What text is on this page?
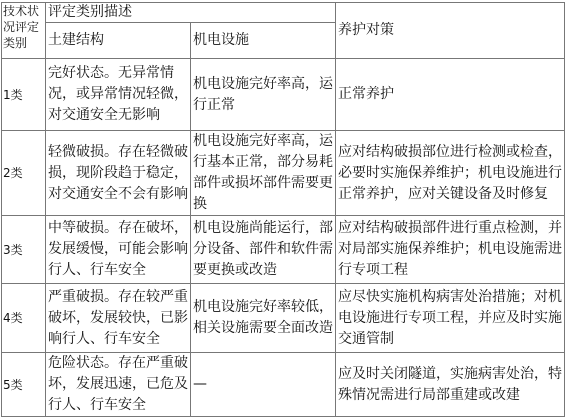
技术状况评定类别	评定类别描述		养护对策
	土建结构	机电设施	
1类	完好状态。无异常情况，或异常情况轻微，对交通安全无影响	机电设施完好率高，运行正常	正常养护
2类	轻微破损。存在轻微破损，现阶段趋于稳定，对交通安全不会有影响	机电设施完好率高，运行基本正常，部分易耗部件或损坏部件需要更换	应对结构破损部位进行检测或检查，必要时实施保养维护；机电设施进行正常养护，应对关键设备及时修复
3类	中等破损。存在破坏，发展缓慢，可能会影响行人、行车安全	机电设施尚能运行，部分设备、部件和软件需要更换或改造	应对结构破损部件进行重点检测，并对局部实施保养维护；机电设施需进行专项工程
4类	严重破损。存在较严重破坏，发展较快，已影响行人、行车安全	机电设施完好率较低，相关设施需要全面改造	应尽快实施机构病害处治措施；对机电设施进行专项工程，并应及时实施交通管制
5类	危险状态。存在严重破坏，发展迅速，已危及行人、行车安全	—	应及时关闭隧道，实施病害处治，特殊情况需进行局部重建或改建
